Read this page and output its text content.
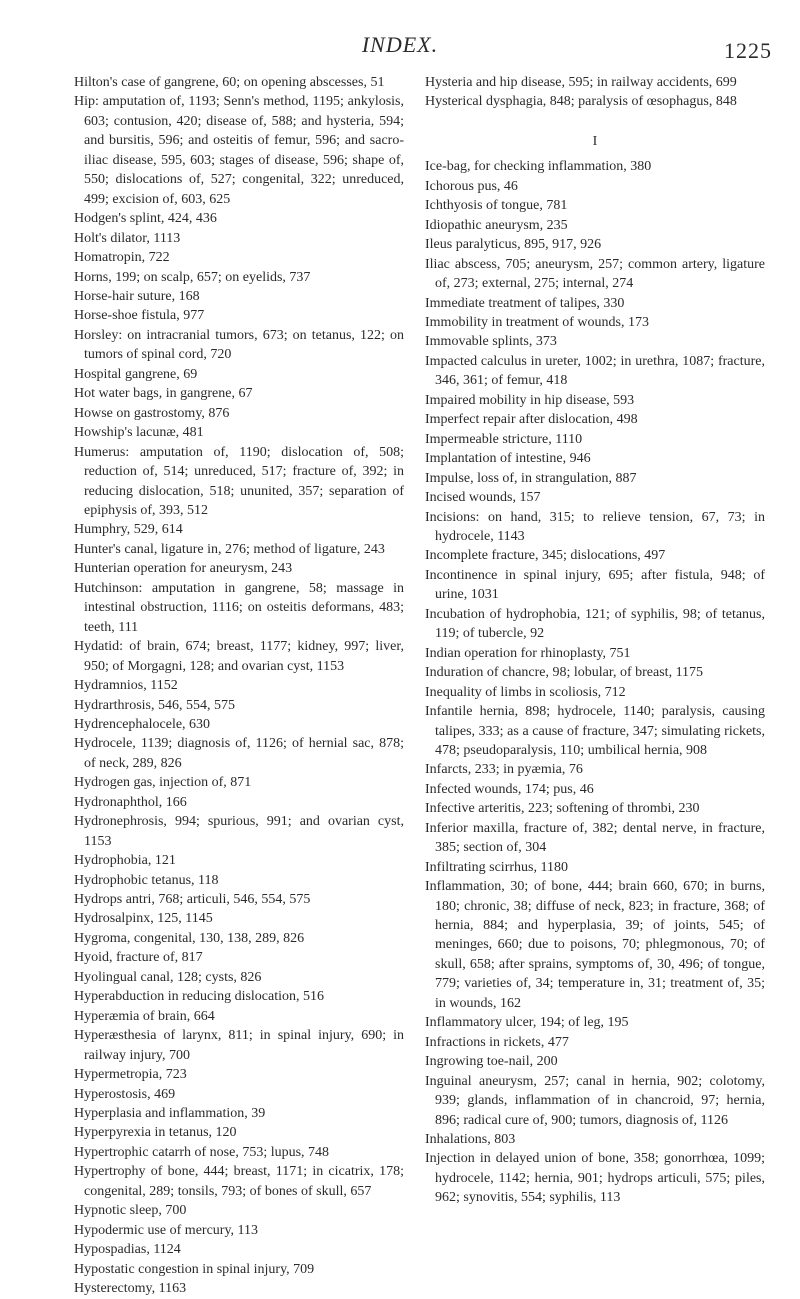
INDEX.	1225

Hilton's case of gangrene, 60; on opening abscesses, 51

Hip: amputation of, 1193; Senn's method, 1195; ankylosis, 603; contusion, 420; disease of, 588; and hysteria, 594; and bursitis, 596; and osteitis of femur, 596; and sacro-iliac disease, 595, 603; stages of disease, 596; shape of, 550; dislocations of, 527; congenital, 322; unreduced, 499; excision of, 603, 625

Hodgen's splint, 424, 436

Holt's dilator, 1113

Homatropin, 722

Horns, 199; on scalp, 657; on eyelids, 737

Horse-hair suture, 168

Horse-shoe fistula, 977

Horsley: on intracranial tumors, 673; on tetanus, 122; on tumors of spinal cord, 720

Hospital gangrene, 69

Hot water bags, in gangrene, 67

Howse on gastrostomy, 876

Howship's lacunæ, 481

Humerus: amputation of, 1190; dislocation of, 508; reduction of, 514; unreduced, 517; fracture of, 392; in reducing dislocation, 518; ununited, 357; separation of epiphysis of, 393, 512

Humphry, 529, 614

Hunter's canal, ligature in, 276; method of ligature, 243

Hunterian operation for aneurysm, 243

Hutchinson: amputation in gangrene, 58; massage in intestinal obstruction, 1116; on osteitis deformans, 483; teeth, 111

Hydatid: of brain, 674; breast, 1177; kidney, 997; liver, 950; of Morgagni, 128; and ovarian cyst, 1153

Hydramnios, 1152

Hydrarthrosis, 546, 554, 575

Hydrencephalocele, 630

Hydrocele, 1139; diagnosis of, 1126; of hernial sac, 878; of neck, 289, 826

Hydrogen gas, injection of, 871

Hydronaphthol, 166

Hydronephrosis, 994; spurious, 991; and ovarian cyst, 1153

Hydrophobia, 121

Hydrophobic tetanus, 118

Hydrops antri, 768; articuli, 546, 554, 575

Hydrosalpinx, 125, 1145

Hygroma, congenital, 130, 138, 289, 826

Hyoid, fracture of, 817

Hyolingual canal, 128; cysts, 826

Hyperabduction in reducing dislocation, 516

Hyperæmia of brain, 664

Hyperæsthesia of larynx, 811; in spinal injury, 690; in railway injury, 700

Hypermetropia, 723

Hyperostosis, 469

Hyperplasia and inflammation, 39

Hyperpyrexia in tetanus, 120

Hypertrophic catarrh of nose, 753; lupus, 748

Hypertrophy of bone, 444; breast, 1171; in cicatrix, 178; congenital, 289; tonsils, 793; of bones of skull, 657

Hypnotic sleep, 700

Hypodermic use of mercury, 113

Hypospadias, 1124

Hypostatic congestion in spinal injury, 709

Hysterectomy, 1163

Hysteria and hip disease, 595; in railway accidents, 699

Hysterical dysphagia, 848; paralysis of œsophagus, 848

I

Ice-bag, for checking inflammation, 380

Ichorous pus, 46

Ichthyosis of tongue, 781

Idiopathic aneurysm, 235

Ileus paralyticus, 895, 917, 926

Iliac abscess, 705; aneurysm, 257; common artery, ligature of, 273; external, 275; internal, 274

Immediate treatment of talipes, 330

Immobility in treatment of wounds, 173

Immovable splints, 373

Impacted calculus in ureter, 1002; in urethra, 1087; fracture, 346, 361; of femur, 418

Impaired mobility in hip disease, 593

Imperfect repair after dislocation, 498

Impermeable stricture, 1110

Implantation of intestine, 946

Impulse, loss of, in strangulation, 887

Incised wounds, 157

Incisions: on hand, 315; to relieve tension, 67, 73; in hydrocele, 1143

Incomplete fracture, 345; dislocations, 497

Incontinence in spinal injury, 695; after fistula, 948; of urine, 1031

Incubation of hydrophobia, 121; of syphilis, 98; of tetanus, 119; of tubercle, 92

Indian operation for rhinoplasty, 751

Induration of chancre, 98; lobular, of breast, 1175

Inequality of limbs in scoliosis, 712

Infantile hernia, 898; hydrocele, 1140; paralysis, causing talipes, 333; as a cause of fracture, 347; simulating rickets, 478; pseudoparalysis, 110; umbilical hernia, 908

Infarcts, 233; in pyæmia, 76

Infected wounds, 174; pus, 46

Infective arteritis, 223; softening of thrombi, 230

Inferior maxilla, fracture of, 382; dental nerve, in fracture, 385; section of, 304

Infiltrating scirrhus, 1180

Inflammation, 30; of bone, 444; brain 660, 670; in burns, 180; chronic, 38; diffuse of neck, 823; in fracture, 368; of hernia, 884; and hyperplasia, 39; of joints, 545; of meninges, 660; due to poisons, 70; phlegmonous, 70; of skull, 658; after sprains, symptoms of, 30, 496; of tongue, 779; varieties of, 34; temperature in, 31; treatment of, 35; in wounds, 162

Inflammatory ulcer, 194; of leg, 195

Infractions in rickets, 477

Ingrowing toe-nail, 200

Inguinal aneurysm, 257; canal in hernia, 902; colotomy, 939; glands, inflammation of in chancroid, 97; hernia, 896; radical cure of, 900; tumors, diagnosis of, 1126

Inhalations, 803

Injection in delayed union of bone, 358; gonorrhœa, 1099; hydrocele, 1142; hernia, 901; hydrops articuli, 575; piles, 962; synovitis, 554; syphilis, 113
